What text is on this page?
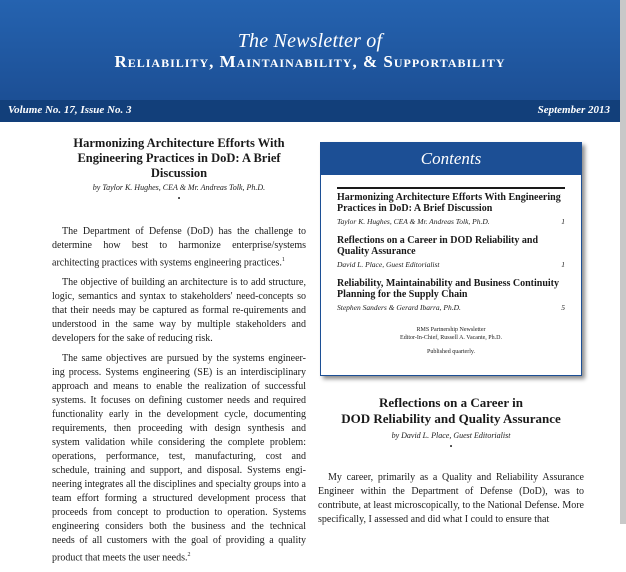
The Newsletter of
Reliability, Maintainability, & Supportability
Volume No. 17, Issue No. 3	September 2013
Harmonizing Architecture Efforts With Engineering Practices in DoD: A Brief Discussion
by Taylor K. Hughes, CEA & Mr. Andreas Tolk, Ph.D.
•

The Department of Defense (DoD) has the challenge to determine how best to harmonize enterprise/systems architecting practices with systems engineering practices.$^1$

The objective of building an architecture is to add structure, logic, semantics and syntax to stakeholders' need-concepts so that their needs may be captured as formal re-quirements and understood in the same way by multiple stakeholders and developers for the sake of reducing risk.

The same objectives are pursued by the systems engineer-ing process. Systems engineering (SE) is an interdisciplinary approach and means to enable the realization of successful systems. It focuses on defining customer needs and required functionality early in the development cycle, documenting requirements, then proceeding with design synthesis and system validation while considering the complete problem: operations, performance, test, manufacturing, cost and schedule, training and support, and disposal. Systems engi-neering integrates all the disciplines and specialty groups into a team effort forming a structured development process that proceeds from concept to production to operation. Systems engineering considers both the business and the technical needs of all customers with the goal of providing a quality product that meets the user needs.$^2$

Contents
Harmonizing Architecture Efforts With Engineering Practices in DoD: A Brief Discussion
Taylor K. Hughes, CEA & Mr. Andreas Tolk, Ph.D.	1
Reflections on a Career in DOD Reliability and Quality Assurance
David L. Place, Guest Editorialist	1
Reliability, Maintainability and Business Continuity Planning for the Supply Chain
Stephen Sanders & Gerard Ibarra, Ph.D.	5
RMS Partnership Newsletter
Editor-In-Chief, Russell A. Vacante, Ph.D.
Published quarterly.
Reflections on a Career in
DOD Reliability and Quality Assurance
by David L. Place, Guest Editorialist
•

My career, primarily as a Quality and Reliability Assurance Engineer within the Department of Defense (DoD), was to contribute, at least microscopically, to the National Defense. More specifically, I assessed and did what I could to ensure that
